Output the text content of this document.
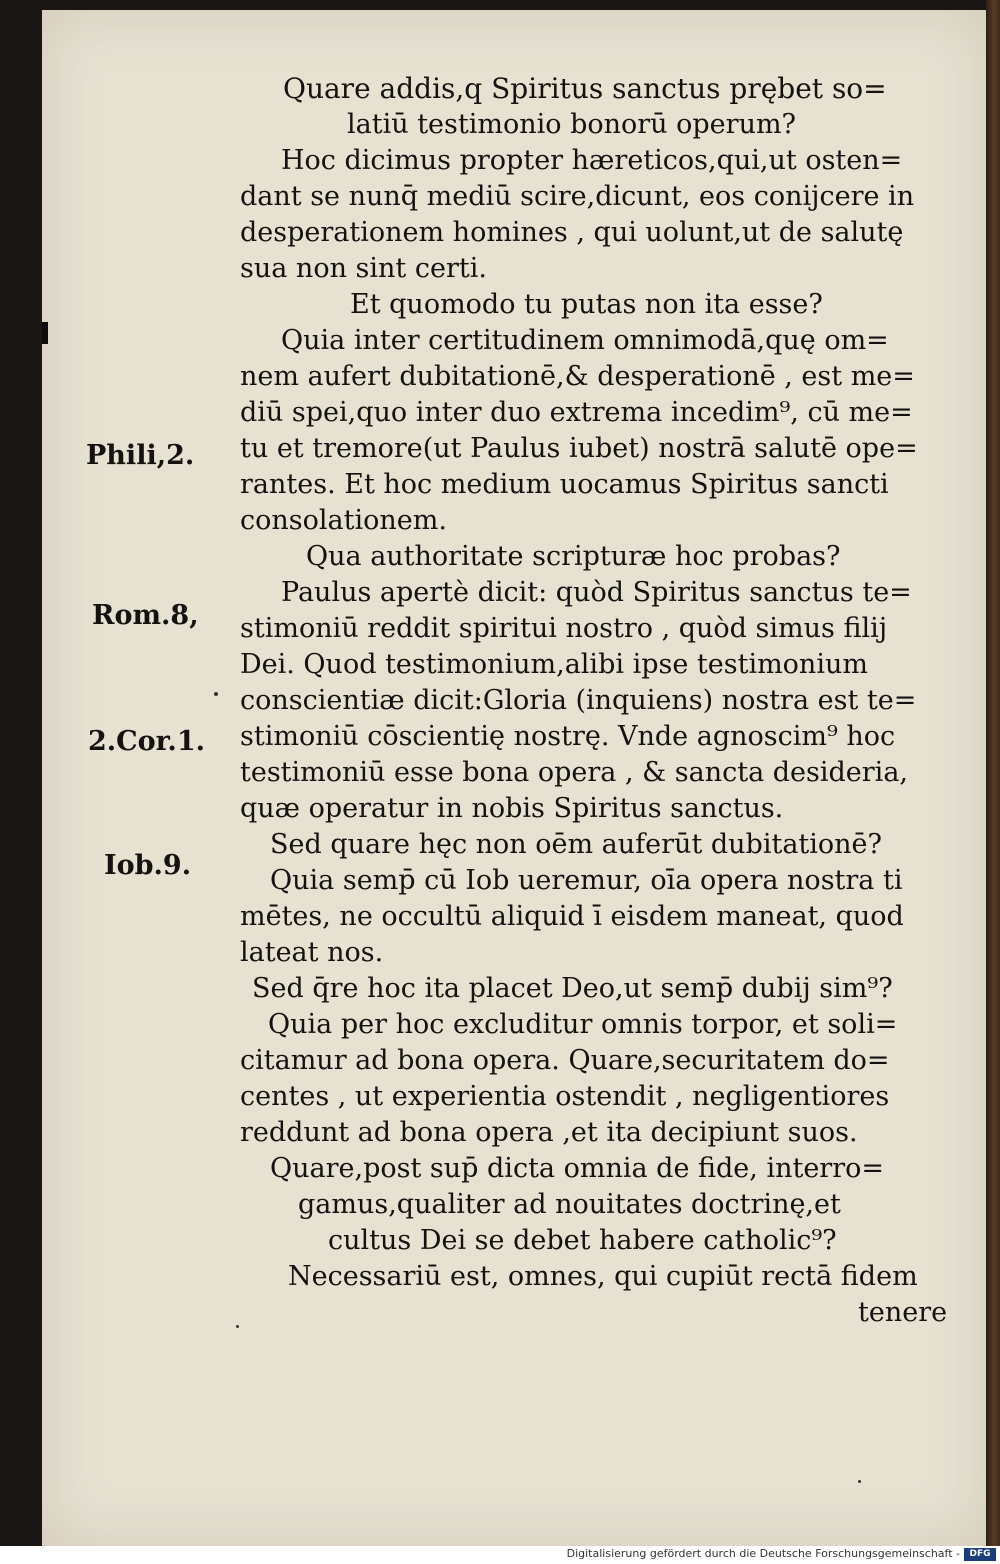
Quare addis,q Spiritus sanctus prębet so=
latiū testimonio bonorū operum?
Hoc dicimus propter hæreticos,qui,ut osten=
dant se nunq̄ mediū scire,dicunt, eos conijcere in
desperationem homines , qui uolunt,ut de salutę
sua non sint certi.
Et quomodo tu putas non ita esse?
Quia inter certitudinem omnimodā,quę om=
nem aufert dubitationē,& desperationē , est me=
diū spei,quo inter duo extrema incedim⁹, cū me=
tu et tremore(ut Paulus iubet) nostrā salutē ope=
rantes. Et hoc medium uocamus Spiritus sancti
consolationem.
Qua authoritate scripturæ hoc probas?
Paulus apertè dicit: quòd Spiritus sanctus te=
stimoniū reddit spiritui nostro , quòd simus filij
Dei. Quod testimonium,alibi ipse testimonium
conscientiæ dicit:Gloria (inquiens) nostra est te=
stimoniū cōscientię nostrę. Vnde agnoscim⁹ hoc
testimoniū esse bona opera , & sancta desideria,
quæ operatur in nobis Spiritus sanctus.
Sed quare hęc non oēm auferūt dubitationē?
Quia semp̄ cū Iob ueremur, oīa opera nostra ti
mētes, ne occultū aliquid ī eisdem maneat, quod
lateat nos.
Sed q̄re hoc ita placet Deo,ut semp̄ dubij sim⁹?
Quia per hoc excluditur omnis torpor, et soli=
citamur ad bona opera. Quare,securitatem do=
centes , ut experientia ostendit , negligentiores
reddunt ad bona opera ,et ita decipiunt suos.
Quare,post sup̄ dicta omnia de fide, interro=
gamus,qualiter ad nouitates doctrinę,et
cultus Dei se debet habere catholic⁹?
Necessariū est, omnes, qui cupiūt rectā fidem
tenere
Phili,2.
Rom.8,
2.Cor.1.
Iob.9.
Digitalisierung gefördert durch die Deutsche Forschungsgemeinschaft -	DFG
